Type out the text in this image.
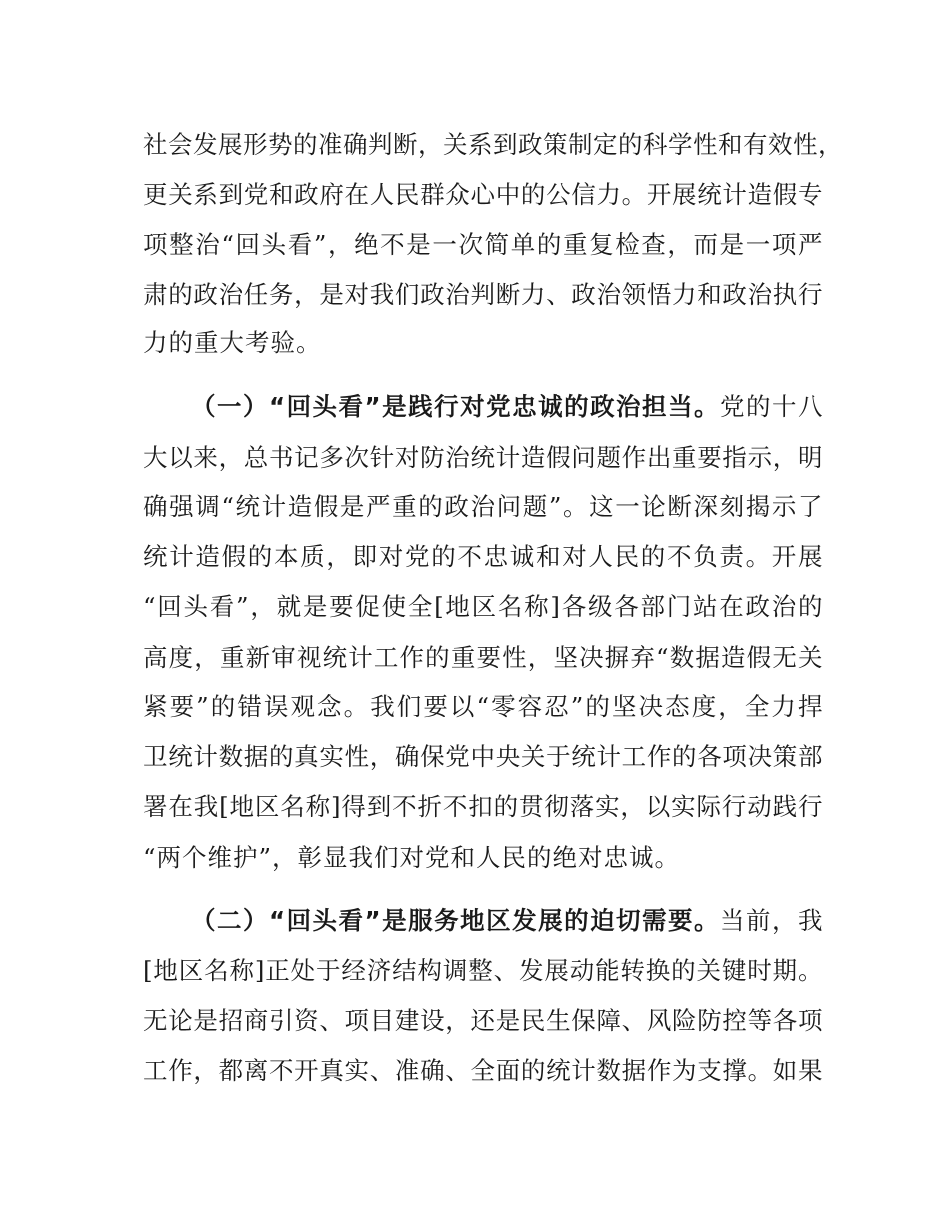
社会发展形势的准确判断，关系到政策制定的科学性和有效性，
更关系到党和政府在人民群众心中的公信力。开展统计造假专
项整治“回头看”，绝不是一次简单的重复检查，而是一项严
肃的政治任务，是对我们政治判断力、政治领悟力和政治执行
力的重大考验。
（一）“回头看”是践行对党忠诚的政治担当。党的十八
大以来，总书记多次针对防治统计造假问题作出重要指示，明
确强调“统计造假是严重的政治问题”。这一论断深刻揭示了
统计造假的本质，即对党的不忠诚和对人民的不负责。开展
“回头看”，就是要促使全[地区名称]各级各部门站在政治的
高度，重新审视统计工作的重要性，坚决摒弃“数据造假无关
紧要”的错误观念。我们要以“零容忍”的坚决态度，全力捍
卫统计数据的真实性，确保党中央关于统计工作的各项决策部
署在我[地区名称]得到不折不扣的贯彻落实，以实际行动践行
“两个维护”，彰显我们对党和人民的绝对忠诚。
（二）“回头看”是服务地区发展的迫切需要。当前，我
[地区名称]正处于经济结构调整、发展动能转换的关键时期。
无论是招商引资、项目建设，还是民生保障、风险防控等各项
工作，都离不开真实、准确、全面的统计数据作为支撑。如果
